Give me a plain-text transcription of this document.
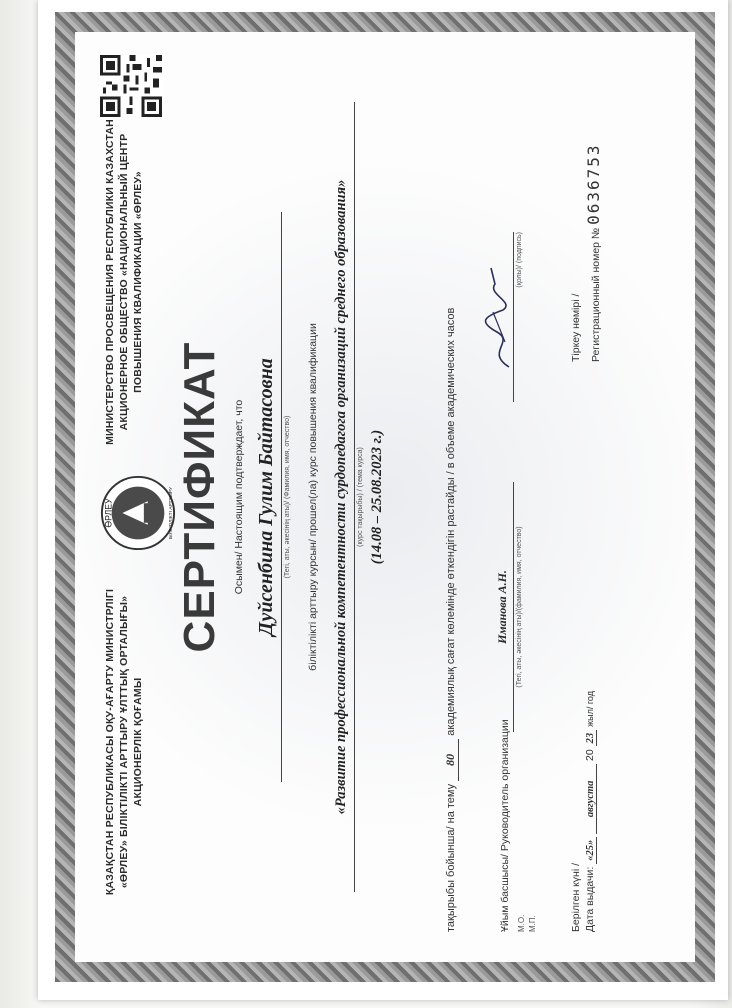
ҚАЗАҚСТАН РЕСПУБЛИКАСЫ ОҚУ-АҒАРТУ МИНИСТРЛІГІ «ӨРЛЕУ» БІЛІКТІЛІКТІ АРТТЫРУ ҰЛТТЫҚ ОРТАЛЫҒЫ» АКЦИОНЕРЛІК ҚОҒАМЫ
ӨРЛЕУ	БІЛІКТІЛІКТІ АРТТЫРУ
МИНИСТЕРСТВО ПРОСВЕЩЕНИЯ РЕСПУБЛИКИ КАЗАХСТАН АКЦИОНЕРНОЕ ОБЩЕСТВО «НАЦИОНАЛЬНЫЙ ЦЕНТР ПОВЫШЕНИЯ КВАЛИФИКАЦИИ «ӨРЛЕУ»
СЕРТИФИКАТ Осымен/ Настоящим подтверждает, что Дуйсенбина Гулим Байтасовна (Тегі, аты, әкесінің аты)/ (Фамилия, имя, отчество) біліктілікті арттыру курсын/ прошел(ла) курс повышения квалификации «Развитие профессиональной компетентности сурдопедагога организаций среднего образования» (курс тақырыбы) / (тема курса) (14.08 – 25.08.2023 г.)
тақырыбы бойынша/ на тему 80 академиялық сағат көлемінде өткендігін растайды / в объеме академических часов
Ұйым басшысы/ Руководитель организации М.О. М.П.
Иманова А.Н. (Тегі, аты, әкесінің аты)/(фамилия, имя, отчество)
(қолы)/ (подпись)
Берілген күні / Дата выдачи: «25» августа 20 23 жыл/ год
Тіркеу нөмірі / Регистрационный номер № 0636753
